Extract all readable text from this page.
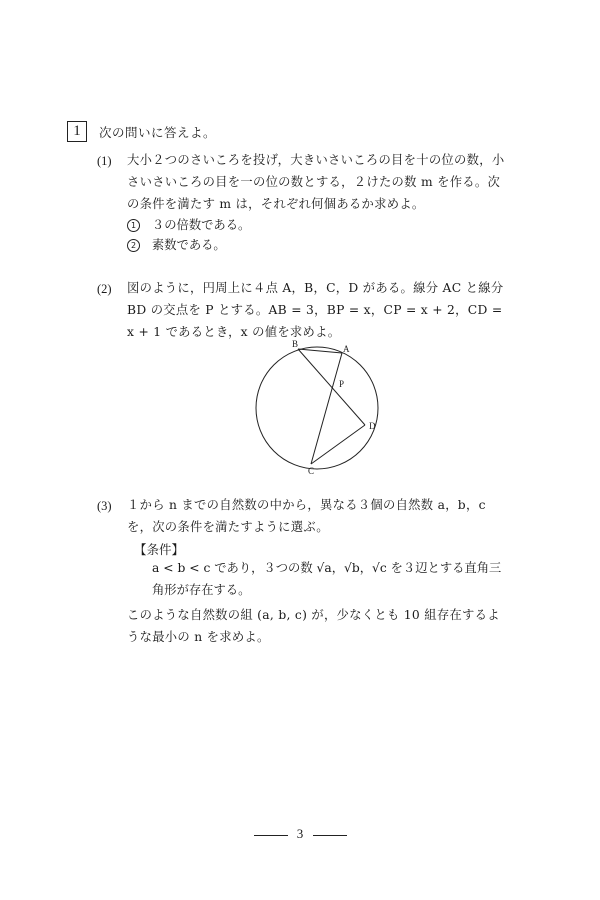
1	次の問いに答えよ。
(1) 大小２つのさいころを投げ，大きいさいころの目を十の位の数，小さいさいころの目を一の位の数とする，２けたの数 m を作る。次の条件を満たす m は，それぞれ何個あるか求めよ。
1 ３の倍数である。
2 素数である。
(2) 図のように，円周上に４点 A，B，C，D がある。線分 AC と線分 BD の交点を P とする。AB = 3，BP = x，CP = x + 2，CD = x + 1 であるとき，x の値を求めよ。
B	A
P
D
C
(3) １から n までの自然数の中から，異なる３個の自然数 a，b，c を，次の条件を満たすように選ぶ。
【条件】
a < b < c であり，３つの数 √a，√b，√c を３辺とする直角三角形が存在する。
このような自然数の組 (a, b, c) が，少なくとも 10 組存在するような最小の n を求めよ。
3
